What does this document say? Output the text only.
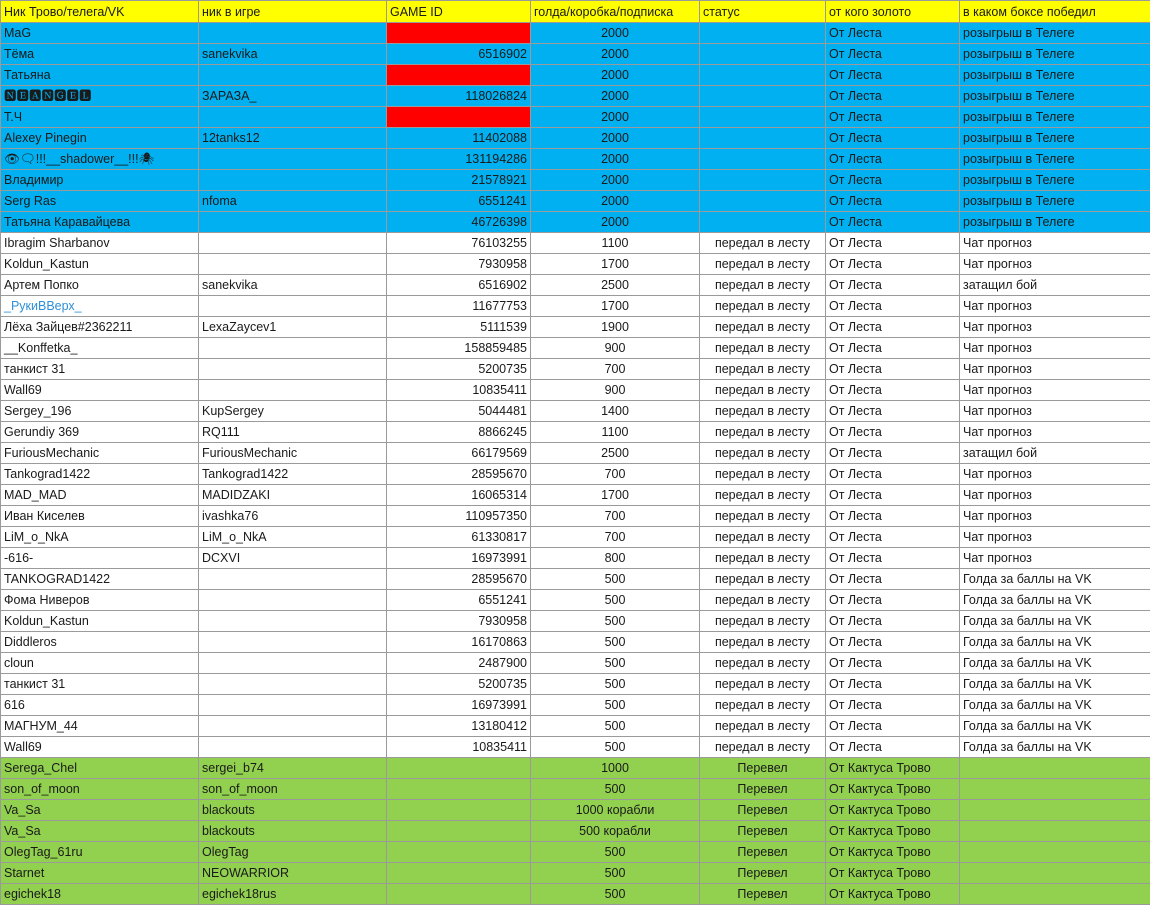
Ник Трово/телега/VK	ник в игре	GAME ID	голда/коробка/подписка	статус	от кого золото	в каком боксе победил
MaG			2000		От Леста	розыгрыш в Телеге
Тёма	sanekvika	6516902	2000		От Леста	розыгрыш в Телеге
Татьяна			2000		От Леста	розыгрыш в Телеге
🅽🅴🅰🅽🅶🅴🅻	ЗАРАЗА_	118026824	2000		От Леста	розыгрыш в Телеге
Т.Ч			2000		От Леста	розыгрыш в Телеге
Alexey Pinegin	12tanks12	11402088	2000		От Леста	розыгрыш в Телеге
👁🗨!!!__shadower__!!!🕷		131194286	2000		От Леста	розыгрыш в Телеге
Владимир		21578921	2000		От Леста	розыгрыш в Телеге
Serg Ras	nfoma	6551241	2000		От Леста	розыгрыш в Телеге
Татьяна Каравайцева		46726398	2000		От Леста	розыгрыш в Телеге
Ibragim Sharbanov		76103255	1100	передал в лесту	От Леста	Чат прогноз
Koldun_Kastun		7930958	1700	передал в лесту	От Леста	Чат прогноз
Артем Попко	sanekvika	6516902	2500	передал в лесту	От Леста	затащил бой
_РукиВВерх_		11677753	1700	передал в лесту	От Леста	Чат прогноз
Лёха Зайцев#2362211	LexaZaycev1	5111539	1900	передал в лесту	От Леста	Чат прогноз
__Konffetka_		158859485	900	передал в лесту	От Леста	Чат прогноз
танкист 31		5200735	700	передал в лесту	От Леста	Чат прогноз
Wall69		10835411	900	передал в лесту	От Леста	Чат прогноз
Sergey_196	KupSergey	5044481	1400	передал в лесту	От Леста	Чат прогноз
Gerundiy 369	RQ111	8866245	1100	передал в лесту	От Леста	Чат прогноз
FuriousMechanic	FuriousMechanic	66179569	2500	передал в лесту	От Леста	затащил бой
Tankograd1422	Tankograd1422	28595670	700	передал в лесту	От Леста	Чат прогноз
MAD_MAD	MADIDZAKI	16065314	1700	передал в лесту	От Леста	Чат прогноз
Иван Киселев	ivashka76	110957350	700	передал в лесту	От Леста	Чат прогноз
LiM_o_NkA	LiM_o_NkA	61330817	700	передал в лесту	От Леста	Чат прогноз
-616-	DCXVI	16973991	800	передал в лесту	От Леста	Чат прогноз
TANKOGRAD1422		28595670	500	передал в лесту	От Леста	Голда за баллы на VK
Фома Ниверов		6551241	500	передал в лесту	От Леста	Голда за баллы на VK
Koldun_Kastun		7930958	500	передал в лесту	От Леста	Голда за баллы на VK
Diddleros		16170863	500	передал в лесту	От Леста	Голда за баллы на VK
cloun		2487900	500	передал в лесту	От Леста	Голда за баллы на VK
танкист 31		5200735	500	передал в лесту	От Леста	Голда за баллы на VK
616		16973991	500	передал в лесту	От Леста	Голда за баллы на VK
МАГНУМ_44		13180412	500	передал в лесту	От Леста	Голда за баллы на VK
Wall69		10835411	500	передал в лесту	От Леста	Голда за баллы на VK
Serega_Chel	sergei_b74		1000	Перевел	От Кактуса Трово	
son_of_moon	son_of_moon		500	Перевел	От Кактуса Трово	
Va_Sa	blackouts		1000 корабли	Перевел	От Кактуса Трово	
Va_Sa	blackouts		500 корабли	Перевел	От Кактуса Трово	
OlegTag_61ru	OlegTag		500	Перевел	От Кактуса Трово	
Starnet	NEOWARRIOR		500	Перевел	От Кактуса Трово	
egichek18	egichek18rus		500	Перевел	От Кактуса Трово	
